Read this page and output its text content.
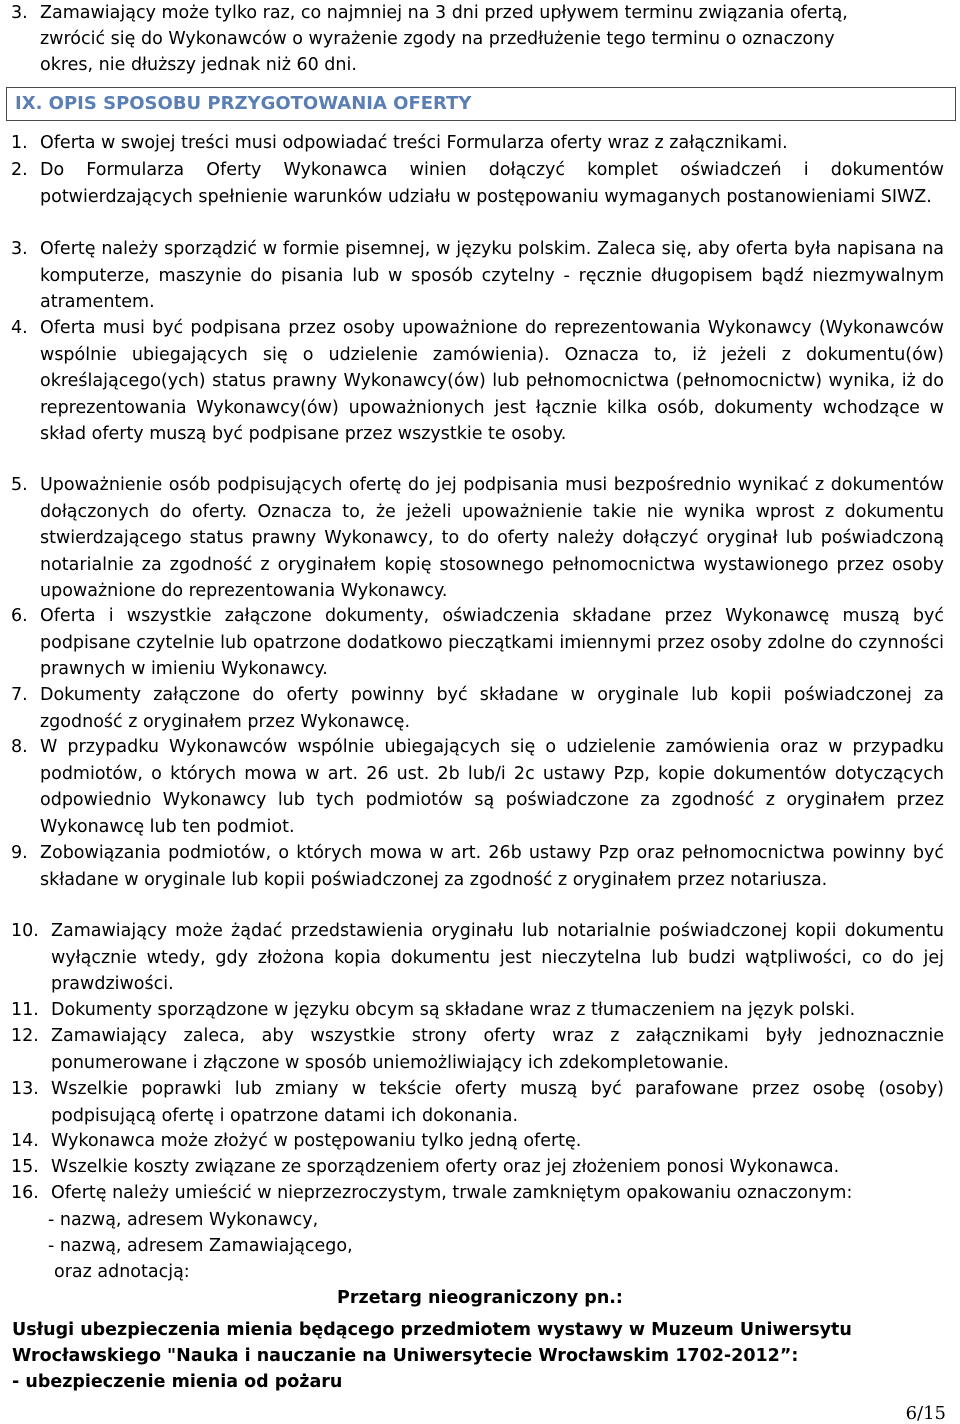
3. Zamawiający może tylko raz, co najmniej na 3 dni przed upływem terminu związania ofertą,
zwrócić się do Wykonawców o wyrażenie zgody na przedłużenie tego terminu o oznaczony
okres, nie dłuższy jednak niż 60 dni.
IX. OPIS SPOSOBU PRZYGOTOWANIA OFERTY
1. Oferta w swojej treści musi odpowiadać treści Formularza oferty wraz z załącznikami.
2. Do Formularza Oferty Wykonawca winien dołączyć komplet oświadczeń i dokumentów potwierdzających spełnienie warunków udziału w postępowaniu wymaganych postanowieniami SIWZ.
3. Ofertę należy sporządzić w formie pisemnej, w języku polskim. Zaleca się, aby oferta była napisana na komputerze, maszynie do pisania lub w sposób czytelny - ręcznie długopisem bądź niezmywalnym atramentem.
4. Oferta musi być podpisana przez osoby upoważnione do reprezentowania Wykonawcy (Wykonawców wspólnie ubiegających się o udzielenie zamówienia). Oznacza to, iż jeżeli z dokumentu(ów) określającego(ych) status prawny Wykonawcy(ów) lub pełnomocnictwa (pełnomocnictw) wynika, iż do reprezentowania Wykonawcy(ów) upoważnionych jest łącznie kilka osób, dokumenty wchodzące w skład oferty muszą być podpisane przez wszystkie te osoby.
5. Upoważnienie osób podpisujących ofertę do jej podpisania musi bezpośrednio wynikać z dokumentów dołączonych do oferty. Oznacza to, że jeżeli upoważnienie takie nie wynika wprost z dokumentu stwierdzającego status prawny Wykonawcy, to do oferty należy dołączyć oryginał lub poświadczoną notarialnie za zgodność z oryginałem kopię stosownego pełnomocnictwa wystawionego przez osoby upoważnione do reprezentowania Wykonawcy.
6. Oferta i wszystkie załączone dokumenty, oświadczenia składane przez Wykonawcę muszą być podpisane czytelnie lub opatrzone dodatkowo pieczątkami imiennymi przez osoby zdolne do czynności prawnych w imieniu Wykonawcy.
7. Dokumenty załączone do oferty powinny być składane w oryginale lub kopii poświadczonej za zgodność z oryginałem przez Wykonawcę.
8. W przypadku Wykonawców wspólnie ubiegających się o udzielenie zamówienia oraz w przypadku podmiotów, o których mowa w art. 26 ust. 2b lub/i 2c ustawy Pzp, kopie dokumentów dotyczących odpowiednio Wykonawcy lub tych podmiotów są poświadczone za zgodność z oryginałem przez Wykonawcę lub ten podmiot.
9. Zobowiązania podmiotów, o których mowa w art. 26b ustawy Pzp oraz pełnomocnictwa powinny być składane w oryginale lub kopii poświadczonej za zgodność z oryginałem przez notariusza.
10. Zamawiający może żądać przedstawienia oryginału lub notarialnie poświadczonej kopii dokumentu wyłącznie wtedy, gdy złożona kopia dokumentu jest nieczytelna lub budzi wątpliwości, co do jej prawdziwości.
11. Dokumenty sporządzone w języku obcym są składane wraz z tłumaczeniem na język polski.
12. Zamawiający zaleca, aby wszystkie strony oferty wraz z załącznikami były jednoznacznie ponumerowane i złączone w sposób uniemożliwiający ich zdekompletowanie.
13. Wszelkie poprawki lub zmiany w tekście oferty muszą być parafowane przez osobę (osoby) podpisującą ofertę i opatrzone datami ich dokonania.
14. Wykonawca może złożyć w postępowaniu tylko jedną ofertę.
15. Wszelkie koszty związane ze sporządzeniem oferty oraz jej złożeniem ponosi Wykonawca.
16. Ofertę należy umieścić w nieprzezroczystym, trwale zamkniętym opakowaniu oznaczonym:
- nazwą, adresem Wykonawcy,
- nazwą, adresem Zamawiającego,
oraz adnotacją:
Przetarg nieograniczony pn.:
Usługi ubezpieczenia mienia będącego przedmiotem wystawy w Muzeum Uniwersytu
Wrocławskiego "Nauka i nauczanie na Uniwersytecie Wrocławskim 1702-2012”:
- ubezpieczenie mienia od pożaru
6/15
